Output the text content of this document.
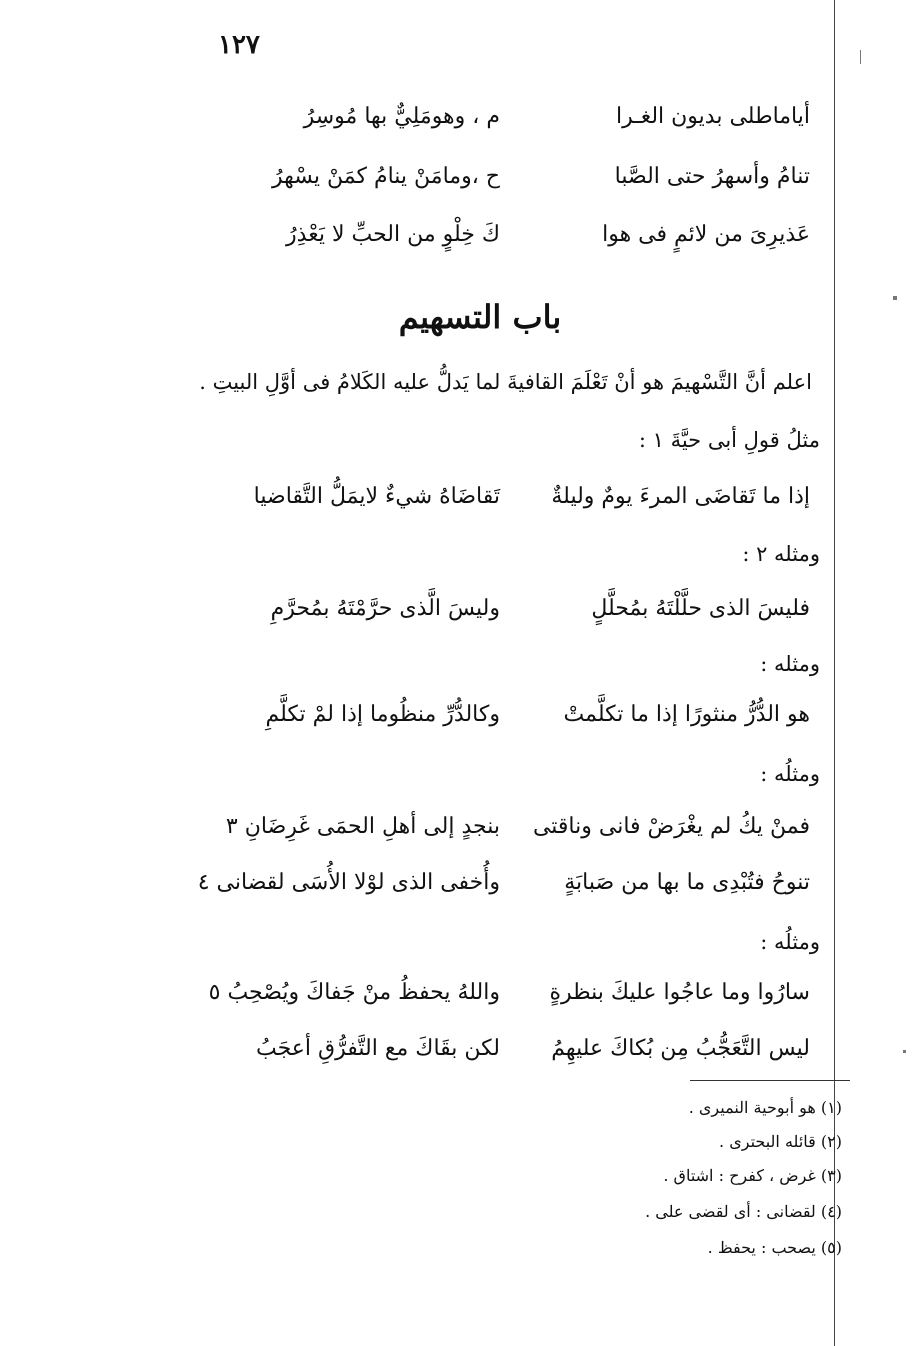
١٢٧
أياماطلى بديون الغـرا
م ، وهومَلِيٌّ بها مُوسِرُ
تنامُ وأسهرُ حتى الصَّبا
ح ،ومامَنْ ينامُ كمَنْ يسْهرُ
عَذيرِىَ من لائمٍ فى هوا
كَ خِلْوٍ من الحبِّ لا يَعْذِرُ
باب التسهيم
اعلم أنَّ التَّسْهيمَ هو أنْ تَعْلَمَ القافيةَ لما يَدلُّ عليه الكَلامُ فى أوَّلِ البيتِ .
مثلُ قولِ أبى حيَّةَ ١ :
إذا ما تَقاضَى المرءَ يومٌ وليلةٌ
تَقاضَاهُ شيءٌ لايمَلُّ التَّقاضيا
ومثله ٢ :
فليسَ الذى حلَّلْتَهُ بمُحلَّلٍ
وليسَ الَّذى حرَّمْتَهُ بمُحرَّمِ
ومثله :
هو الدُّرُّ منثورًا إذا ما تكلَّمتْ
وكالدُّرِّ منظُوما إذا لمْ تكلَّمِ
ومثلُه :
فمنْ يكُ لم يغْرَضْ فانى وناقتى
بنجدٍ إلى أهلِ الحمَى غَرِضَانِ ٣
تنوحُ فتُبْدِى ما بها من صَبابَةٍ
وأُخفى الذى لوْلا الأُسَى لقضانى ٤
ومثلُه :
سارُوا وما عاجُوا عليكَ بنظرةٍ
واللهُ يحفظُ منْ جَفاكَ ويُصْحِبُ ٥
ليس التَّعَجُّبُ مِن بُكاكَ عليهِمُ
لكن بقَاكَ مع التَّفرُّقِ أعجَبُ
(١) هو أبوحية النميرى .
(٢) قائله البحترى .
(٣) غرض ، كفرح : اشتاق .
(٤) لقضانى : أى لقضى على .
(٥) يصحب : يحفظ .
